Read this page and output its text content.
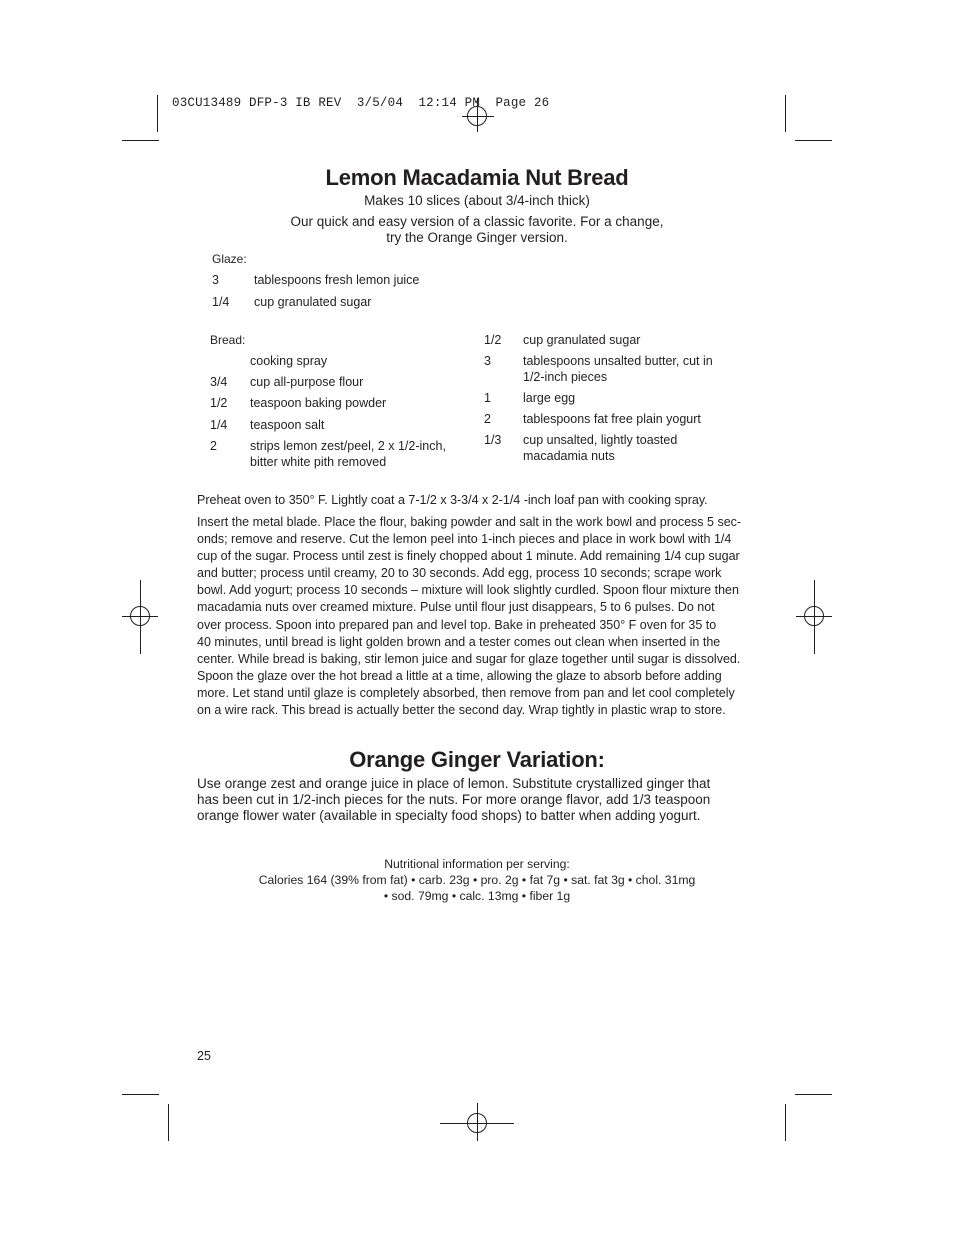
03CU13489 DFP-3 IB REV  3/5/04  12:14 PM  Page 26
Lemon Macadamia Nut Bread
Makes 10 slices (about 3/4-inch thick)
Our quick and easy version of a classic favorite. For a change,
try the Orange Ginger version.
Glaze:
3	tablespoons fresh lemon juice
1/4 cup granulated sugar
Bread:
cooking spray
3/4 cup all-purpose flour
1/2 teaspoon baking powder
1/4 teaspoon salt
2	strips lemon zest/peel, 2 x 1/2-inch,
bitter white pith removed
1/2 cup granulated sugar
3	tablespoons unsalted butter, cut in
1/2-inch pieces
1	large egg
2	tablespoons fat free plain yogurt
1/3 cup unsalted, lightly toasted
macadamia nuts
Preheat oven to 350° F. Lightly coat a 7-1/2 x 3-3/4 x 2-1/4 -inch loaf pan with cooking spray.
Insert the metal blade. Place the flour, baking powder and salt in the work bowl and process 5 sec-
onds; remove and reserve. Cut the lemon peel into 1-inch pieces and place in work bowl with 1/4
cup of the sugar. Process until zest is finely chopped about 1 minute. Add remaining 1/4 cup sugar
and butter; process until creamy, 20 to 30 seconds. Add egg, process 10 seconds; scrape work
bowl. Add yogurt; process 10 seconds – mixture will look slightly curdled. Spoon flour mixture then
macadamia nuts over creamed mixture. Pulse until flour just disappears, 5 to 6 pulses. Do not
over process. Spoon into prepared pan and level top. Bake in preheated 350° F oven for 35 to
40 minutes, until bread is light golden brown and a tester comes out clean when inserted in the
center. While bread is baking, stir lemon juice and sugar for glaze together until sugar is dissolved.
Spoon the glaze over the hot bread a little at a time, allowing the glaze to absorb before adding
more. Let stand until glaze is completely absorbed, then remove from pan and let cool completely
on a wire rack. This bread is actually better the second day. Wrap tightly in plastic wrap to store.
Orange Ginger Variation:
Use orange zest and orange juice in place of lemon. Substitute crystallized ginger that
has been cut in 1/2-inch pieces for the nuts. For more orange flavor, add 1/3 teaspoon
orange flower water (available in specialty food shops) to batter when adding yogurt.
Nutritional information per serving:
Calories 164 (39% from fat) • carb. 23g • pro. 2g • fat 7g • sat. fat 3g • chol. 31mg
• sod. 79mg • calc. 13mg • fiber 1g
25
